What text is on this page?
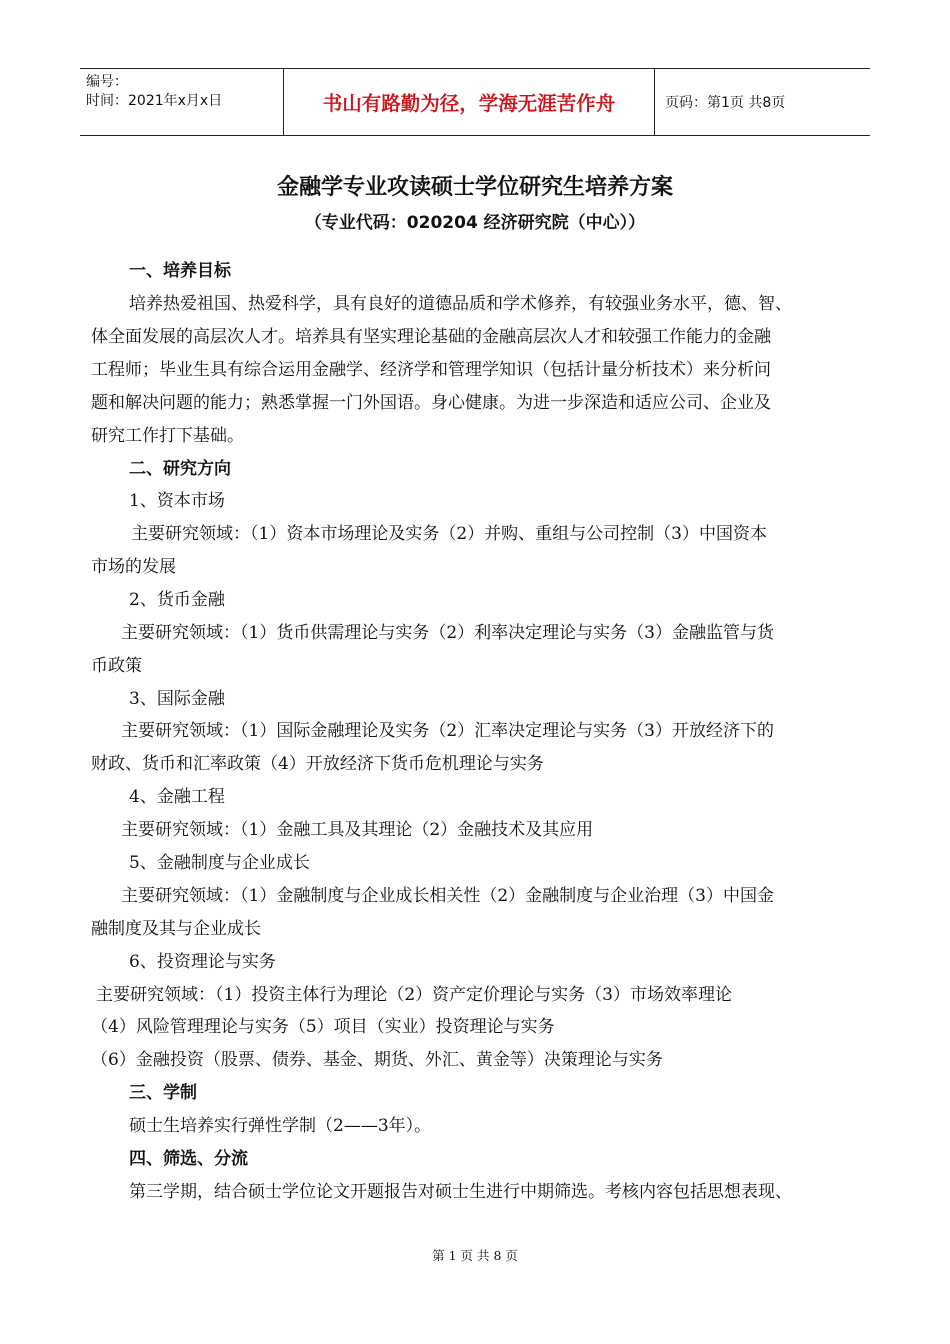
编号：
时间：2021年x月x日	书山有路勤为径，学海无涯苦作舟	页码：第1页 共8页
金融学专业攻读硕士学位研究生培养方案
（专业代码：020204 经济研究院（中心））
一、培养目标
培养热爱祖国、热爱科学，具有良好的道德品质和学术修养，有较强业务水平，德、智、
体全面发展的高层次人才。培养具有坚实理论基础的金融高层次人才和较强工作能力的金融
工程师；毕业生具有综合运用金融学、经济学和管理学知识（包括计量分析技术）来分析问
题和解决问题的能力；熟悉掌握一门外国语。身心健康。为进一步深造和适应公司、企业及
研究工作打下基础。
二、研究方向
1、资本市场
主要研究领域：（1）资本市场理论及实务（2）并购、重组与公司控制（3）中国资本
市场的发展
2、货币金融
主要研究领域：（1）货币供需理论与实务（2）利率决定理论与实务（3）金融监管与货
币政策
3、国际金融
主要研究领域：（1）国际金融理论及实务（2）汇率决定理论与实务（3）开放经济下的
财政、货币和汇率政策（4）开放经济下货币危机理论与实务
4、金融工程
主要研究领域：（1）金融工具及其理论（2）金融技术及其应用
5、金融制度与企业成长
主要研究领域：（1）金融制度与企业成长相关性（2）金融制度与企业治理（3）中国金
融制度及其与企业成长
6、投资理论与实务
主要研究领域：（1）投资主体行为理论（2）资产定价理论与实务（3）市场效率理论
（4）风险管理理论与实务（5）项目（实业）投资理论与实务
（6）金融投资（股票、债券、基金、期货、外汇、黄金等）决策理论与实务
三、学制
硕士生培养实行弹性学制（2——3年）。
四、筛选、分流
第三学期，结合硕士学位论文开题报告对硕士生进行中期筛选。考核内容包括思想表现、
第 1 页 共 8 页
